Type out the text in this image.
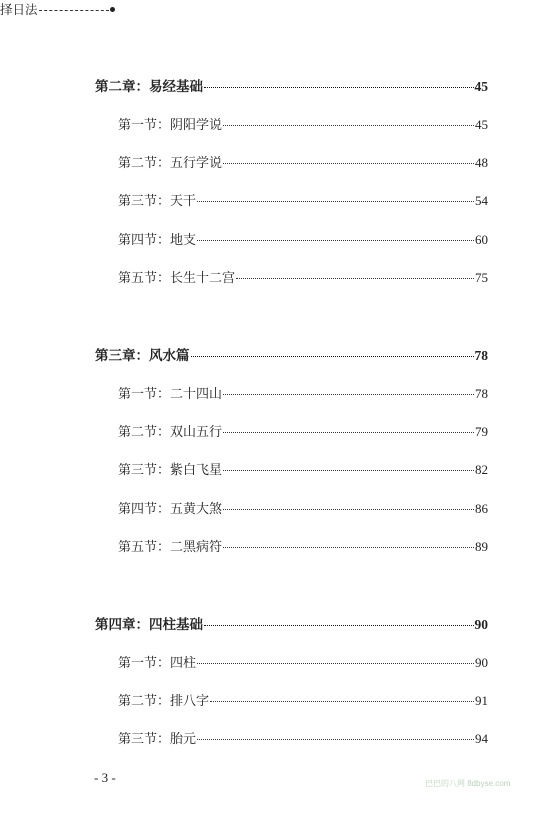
择日法
第二章：易经基础	45
第一节：阴阳学说	45
第二节：五行学说	48
第三节：天干	54
第四节：地支	60
第五节：长生十二宫	75
第三章：风水篇	78
第一节：二十四山	78
第二节：双山五行	79
第三节：紫白飞星	82
第四节：五黄大煞	86
第五节：二黑病符	89
第四章：四柱基础	90
第一节：四柱	90
第二节：排八字	91
第三节：胎元	94
- 3 -	巴巴的八网 8dbyse.com
